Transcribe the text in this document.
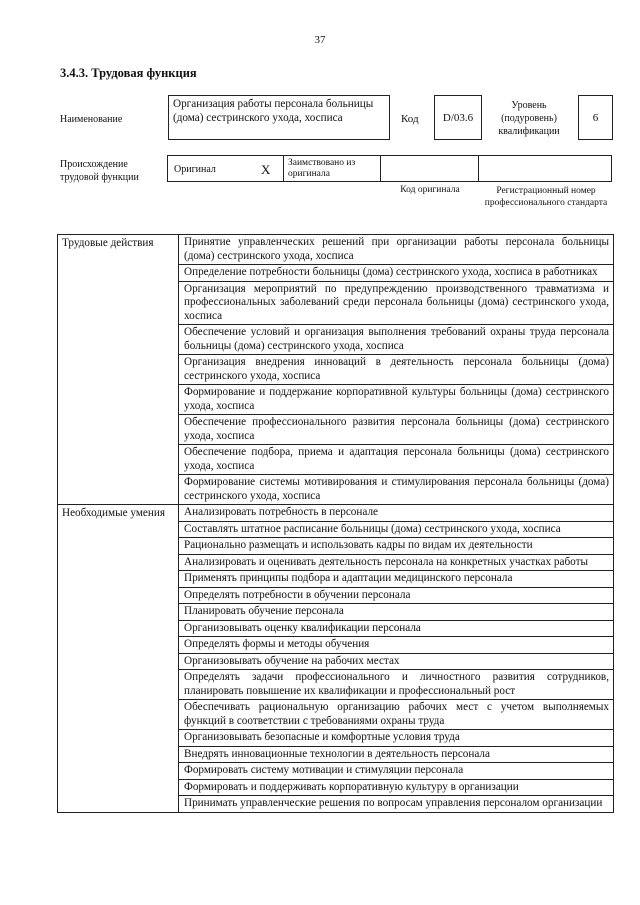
37
3.4.3. Трудовая функция
Наименование
Организация работы персонала больницы (дома) сестринского ухода, хосписа	Код	D/03.6
Уровень (подуровень) квалификации
6
Происхождение трудовой функции
Оригинал	X Заимствовано из оригинала
Код оригинала	Регистрационный номер профессионального стандарта
Трудовые действия	Принятие управленческих решений при организации работы персонала больницы (дома) сестринского ухода, хосписа
	Определение потребности больницы (дома) сестринского ухода, хосписа в работниках
	Организация мероприятий по предупреждению производственного травматизма и профессиональных заболеваний среди персонала больницы (дома) сестринского ухода, хосписа
	Обеспечение условий и организация выполнения требований охраны труда персонала больницы (дома) сестринского ухода, хосписа
	Организация внедрения инноваций в деятельность персонала больницы (дома) сестринского ухода, хосписа
	Формирование и поддержание корпоративной культуры больницы (дома) сестринского ухода, хосписа
	Обеспечение профессионального развития персонала больницы (дома) сестринского ухода, хосписа
	Обеспечение подбора, приема и адаптация персонала больницы (дома) сестринского ухода, хосписа
	Формирование системы мотивирования и стимулирования персонала больницы (дома) сестринского ухода, хосписа
Необходимые умения	Анализировать потребность в персонале
	Составлять штатное расписание больницы (дома) сестринского ухода, хосписа
	Рационально размещать и использовать кадры по видам их деятельности
	Анализировать и оценивать деятельность персонала на конкретных участках работы
	Применять принципы подбора и адаптации медицинского персонала
	Определять потребности в обучении персонала
	Планировать обучение персонала
	Организовывать оценку квалификации персонала
	Определять формы и методы обучения
	Организовывать обучение на рабочих местах
	Определять задачи профессионального и личностного развития сотрудников, планировать повышение их квалификации и профессиональный рост
	Обеспечивать рациональную организацию рабочих мест с учетом выполняемых функций в соответствии с требованиями охраны труда
	Организовывать безопасные и комфортные условия труда
	Внедрять инновационные технологии в деятельность персонала
	Формировать систему мотивации и стимуляции персонала
	Формировать и поддерживать корпоративную культуру в организации
	Принимать управленческие решения по вопросам управления персоналом организации
